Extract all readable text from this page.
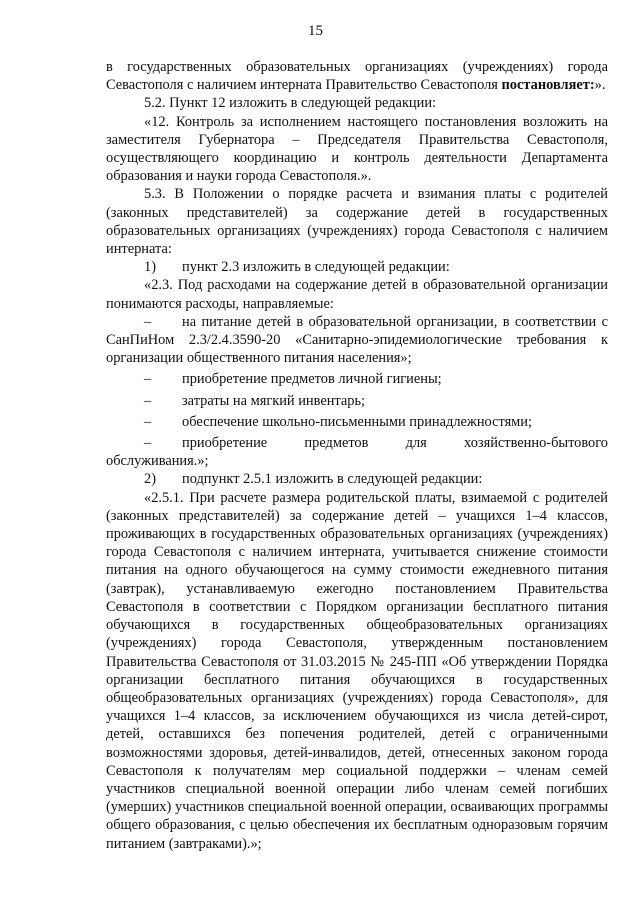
15

в государственных образовательных организациях (учреждениях) города Севастополя с наличием интерната Правительство Севастополя постановляет:».

5.2. Пункт 12 изложить в следующей редакции:

«12. Контроль за исполнением настоящего постановления возложить на заместителя Губернатора – Председателя Правительства Севастополя, осуществляющего координацию и контроль деятельности Департамента образования и науки города Севастополя.».

5.3. В Положении о порядке расчета и взимания платы с родителей (законных представителей) за содержание детей в государственных образовательных организациях (учреждениях) города Севастополя с наличием интерната:

1)	пункт 2.3 изложить в следующей редакции:

«2.3. Под расходами на содержание детей в образовательной организации понимаются расходы, направляемые:

– на питание детей в образовательной организации, в соответствии с СанПиНом 2.3/2.4.3590-20 «Санитарно-эпидемиологические требования к организации общественного питания населения»;

– приобретение предметов личной гигиены;

– затраты на мягкий инвентарь;

– обеспечение школьно-письменными принадлежностями;

– приобретение предметов для хозяйственно-бытового обслуживания.»;

2)	подпункт 2.5.1 изложить в следующей редакции:

«2.5.1. При расчете размера родительской платы, взимаемой с родителей (законных представителей) за содержание детей – учащихся 1–4 классов, проживающих в государственных образовательных организациях (учреждениях) города Севастополя с наличием интерната, учитывается снижение стоимости питания на одного обучающегося на сумму стоимости ежедневного питания (завтрак), устанавливаемую ежегодно постановлением Правительства Севастополя в соответствии с Порядком организации бесплатного питания обучающихся в государственных общеобразовательных организациях (учреждениях) города Севастополя, утвержденным постановлением Правительства Севастополя от 31.03.2015 № 245-ПП «Об утверждении Порядка организации бесплатного питания обучающихся в государственных общеобразовательных организациях (учреждениях) города Севастополя», для учащихся 1–4 классов, за исключением обучающихся из числа детей-сирот, детей, оставшихся без попечения родителей, детей с ограниченными возможностями здоровья, детей-инвалидов, детей, отнесенных законом города Севастополя к получателям мер социальной поддержки – членам семей участников специальной военной операции либо членам семей погибших (умерших) участников специальной военной операции, осваивающих программы общего образования, с целью обеспечения их бесплатным одноразовым горячим питанием (завтраками).»;
